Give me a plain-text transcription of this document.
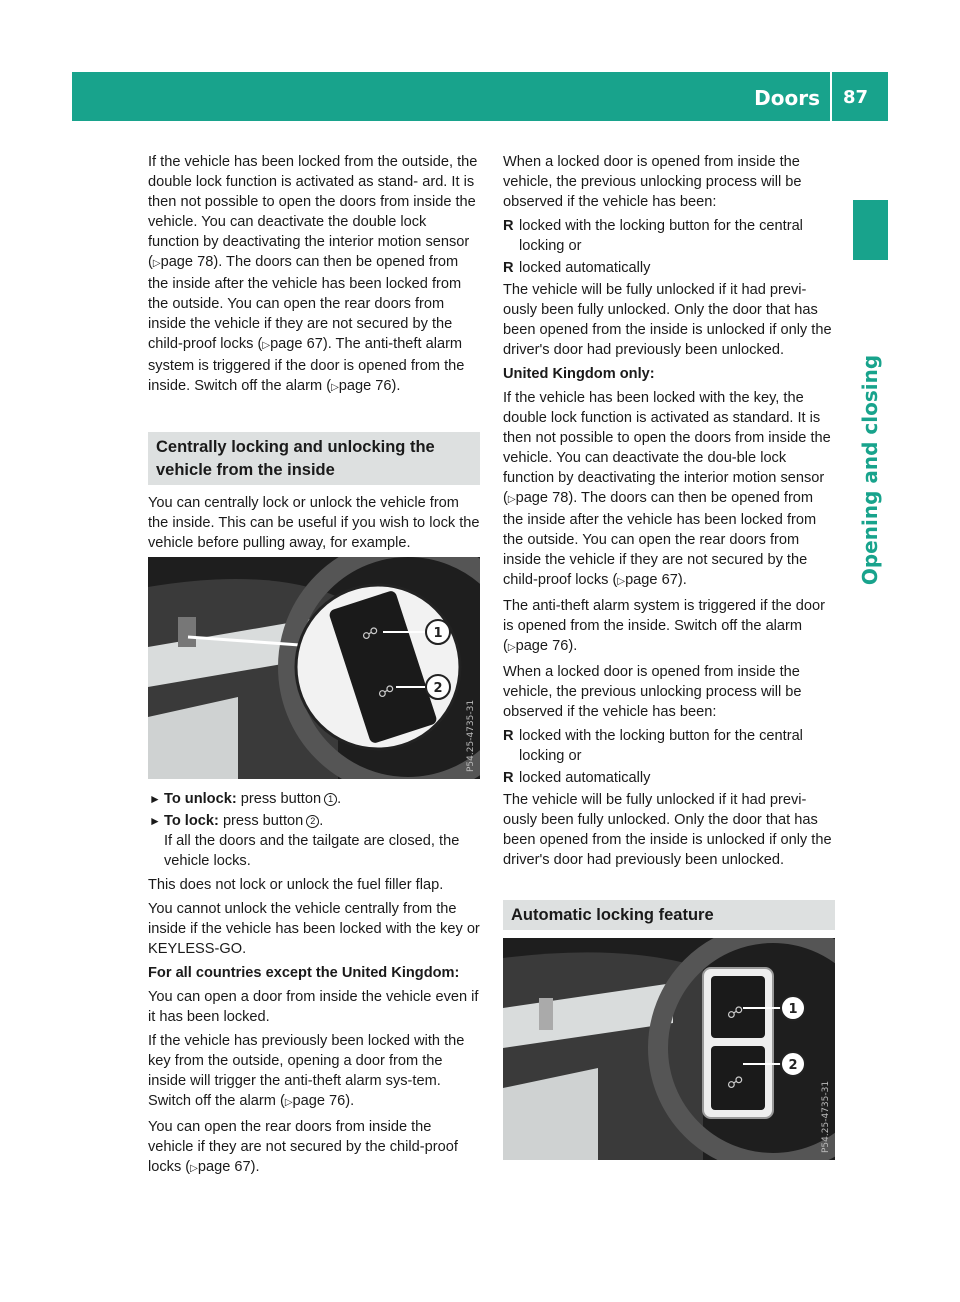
Doors 87
Opening and closing

If the vehicle has been locked from the outside, the double lock function is activated as stand- ard. It is then not possible to open the doors from inside the vehicle. You can deactivate the double lock function by deactivating the interior motion sensor (▷page 78). The doors can then be opened from the inside after the vehicle has been locked from the outside. You can open the rear doors from inside the vehicle if they are not secured by the child-proof locks (▷page 67). The anti-theft alarm system is triggered if the door is opened from the inside. Switch off the alarm (▷page 76).

Centrally locking and unlocking the
vehicle from the inside

You can centrally lock or unlock the vehicle from the inside. This can be useful if you wish to lock the vehicle before pulling away, for example.

☍
☍
1
2
P54.25-4735-31
► To unlock: press button 1 .
► To lock: press button 2 .
If all the doors and the tailgate are closed, the vehicle locks.

This does not lock or unlock the fuel filler flap.

You cannot unlock the vehicle centrally from the inside if the vehicle has been locked with the key or KEYLESS-GO.

For all countries except the United Kingdom:

You can open a door from inside the vehicle even if it has been locked.

If the vehicle has previously been locked with the key from the outside, opening a door from the inside will trigger the anti-theft alarm sys-tem. Switch off the alarm (▷page 76).

You can open the rear doors from inside the vehicle if they are not secured by the child-proof locks (▷page 67).

When a locked door is opened from inside the vehicle, the previous unlocking process will be observed if the vehicle has been:

R locked with the locking button for the central locking or
R locked automatically

The vehicle will be fully unlocked if it had previ-ously been fully unlocked. Only the door that has been opened from the inside is unlocked if only the driver's door had previously been unlocked.

United Kingdom only:

If the vehicle has been locked with the key, the double lock function is activated as standard. It is then not possible to open the doors from inside the vehicle. You can deactivate the dou-ble lock function by deactivating the interior motion sensor (▷page 78). The doors can then be opened from the inside after the vehicle has been locked from the outside. You can open the rear doors from inside the vehicle if they are not secured by the child-proof locks (▷page 67).

The anti-theft alarm system is triggered if the door is opened from the inside. Switch off the alarm (▷page 76).

When a locked door is opened from inside the vehicle, the previous unlocking process will be observed if the vehicle has been:

R locked with the locking button for the central locking or
R locked automatically

The vehicle will be fully unlocked if it had previ-ously been fully unlocked. Only the door that has been opened from the inside is unlocked if only the driver's door had previously been unlocked.

Automatic locking feature
☍
☍
1
2
P54.25-4735-31
